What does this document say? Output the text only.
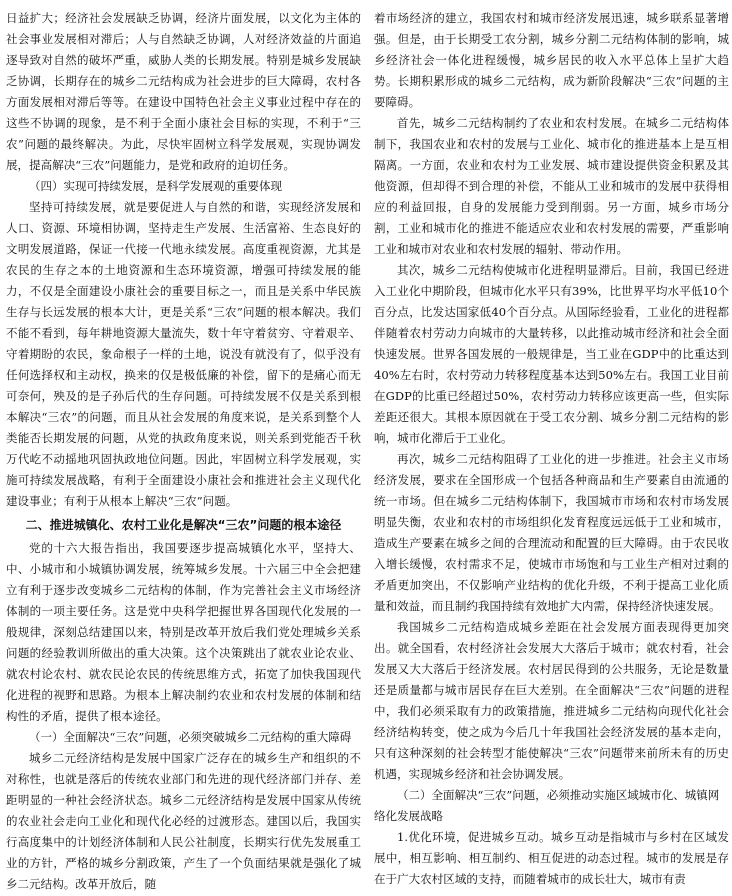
日益扩大；经济社会发展缺乏协调，经济片面发展，以文化为主体的社会事业发展相对滞后；人与自然缺乏协调，人对经济效益的片面追逐导致对自然的破坏严重，威胁人类的长期发展。特别是城乡发展缺乏协调，长期存在的城乡二元结构成为社会进步的巨大障碍，农村各方面发展相对滞后等等。在建设中国特色社会主义事业过程中存在的这些不协调的现象，是不利于全面小康社会目标的实现，不利于“三农”问题的最终解决。为此，尽快牢固树立科学发展观，实现协调发展，提高解决“三农”问题能力，是党和政府的迫切任务。

（四）实现可持续发展，是科学发展观的重要体现

坚持可持续发展，就是要促进人与自然的和谐，实现经济发展和人口、资源、环境相协调，坚持走生产发展、生活富裕、生态良好的文明发展道路，保证一代接一代地永续发展。高度重视资源，尤其是农民的生存之本的土地资源和生态环境资源，增强可持续发展的能力，不仅是全面建设小康社会的重要目标之一，而且是关系中华民族生存与长远发展的根本大计，更是关系“三农”问题的根本解决。我们不能不看到，每年耕地资源大量流失，数十年守着贫穷、守着艰辛、守着期盼的农民，象命根子一样的土地，说没有就没有了，似乎没有任何选择权和主动权，换来的仅是极低廉的补偿，留下的是痛心而无可奈何，殃及的是子孙后代的生存问题。可持续发展不仅是关系到根本解决“三农”的问题，而且从社会发展的角度来说，是关系到整个人类能否长期发展的问题，从党的执政角度来说，则关系到党能否千秋万代屹不动摇地巩固执政地位问题。因此，牢固树立科学发展观，实施可持续发展战略，有利于全面建设小康社会和推进社会主义现代化建设事业；有利于从根本上解决“三农”问题。

二、推进城镇化、农村工业化是解决“三农”问题的根本途径

党的十六大报告指出，我国要逐步提高城镇化水平，坚持大、中、小城市和小城镇协调发展，统筹城乡发展。十六届三中全会把建立有利于逐步改变城乡二元结构的体制，作为完善社会主义市场经济体制的一项主要任务。这是党中央科学把握世界各国现代化发展的一般规律，深刻总结建国以来，特别是改革开放后我们党处理城乡关系问题的经验教训所做出的重大决策。这个决策跳出了就农业论农业、就农村论农村、就农民论农民的传统思维方式，拓宽了加快我国现代化进程的视野和思路。为根本上解决制约农业和农村发展的体制和结构性的矛盾，提供了根本途径。

（一）全面解决“三农”问题，必须突破城乡二元结构的重大障碍

城乡二元经济结构是发展中国家广泛存在的城乡生产和组织的不对称性，也就是落后的传统农业部门和先进的现代经济部门并存、差距明显的一种社会经济状态。城乡二元经济结构是发展中国家从传统的农业社会走向工业化和现代化必经的过渡形态。建国以后，我国实行高度集中的计划经济体制和人民公社制度，长期实行优先发展重工业的方针，严格的城乡分割政策，产生了一个负面结果就是强化了城乡二元结构。改革开放后，随

着市场经济的建立，我国农村和城市经济发展迅速，城乡联系显著增强。但是，由于长期受工农分割，城乡分割二元结构体制的影响，城乡经济社会一体化进程缓慢，城乡居民的收入水平总体上呈扩大趋势。长期积累形成的城乡二元结构，成为新阶段解决“三农”问题的主要障碍。

首先，城乡二元结构制约了农业和农村发展。在城乡二元结构体制下，我国农业和农村的发展与工业化、城市化的推进基本上是互相隔离。一方面，农业和农村为工业发展、城市建设提供资金积累及其他资源，但却得不到合理的补偿，不能从工业和城市的发展中获得相应的利益回报，自身的发展能力受到削弱。另一方面，城乡市场分割，工业和城市化的推进不能适应农业和农村发展的需要，严重影响工业和城市对农业和农村发展的辐射、带动作用。

其次，城乡二元结构使城市化进程明显滞后。目前，我国已经进入工业化中期阶段，但城市化水平只有39%，比世界平均水平低10个百分点，比发达国家低40个百分点。从国际经验看，工业化的进程都伴随着农村劳动力向城市的大量转移，以此推动城市经济和社会全面快速发展。世界各国发展的一般规律是，当工业在GDP中的比重达到40%左右时，农村劳动力转移程度基本达到50%左右。我国工业目前在GDP的比重已经超过50%，农村劳动力转移应该更高一些，但实际差距还很大。其根本原因就在于受工农分割、城乡分割二元结构的影响，城市化滞后于工业化。

再次，城乡二元结构阻碍了工业化的进一步推进。社会主义市场经济发展，要求在全国形成一个包括各种商品和生产要素自由流通的统一市场。但在城乡二元结构体制下，我国城市市场和农村市场发展明显失衡，农业和农村的市场组织化发育程度远远低于工业和城市，造成生产要素在城乡之间的合理流动和配置的巨大障碍。由于农民收入增长缓慢，农村需求不足，使城市市场饱和与工业生产相对过剩的矛盾更加突出，不仅影响产业结构的优化升级，不利于提高工业化质量和效益，而且制约我国持续有效地扩大内需，保持经济快速发展。

我国城乡二元结构造成城乡差距在社会发展方面表现得更加突出。就全国看，农村经济社会发展大大落后于城市；就农村看，社会发展又大大落后于经济发展。农村居民得到的公共服务，无论是数量还是质量都与城市居民存在巨大差别。在全面解决“三农”问题的进程中，我们必须采取有力的政策措施，推进城乡二元结构向现代化社会经济结构转变，使之成为今后几十年我国社会经济发展的基本走向，只有这种深刻的社会转型才能使解决“三农”问题带来前所未有的历史机遇，实现城乡经济和社会协调发展。

（二）全面解决“三农”问题，必须推动实施区域城市化、城镇网络化发展战略

1.优化环境，促进城乡互动。城乡互动是指城市与乡村在区域发展中，相互影响、相互制约、相互促进的动态过程。城市的发展是存在于广大农村区域的支持，而随着城市的成长壮大，城市有责
